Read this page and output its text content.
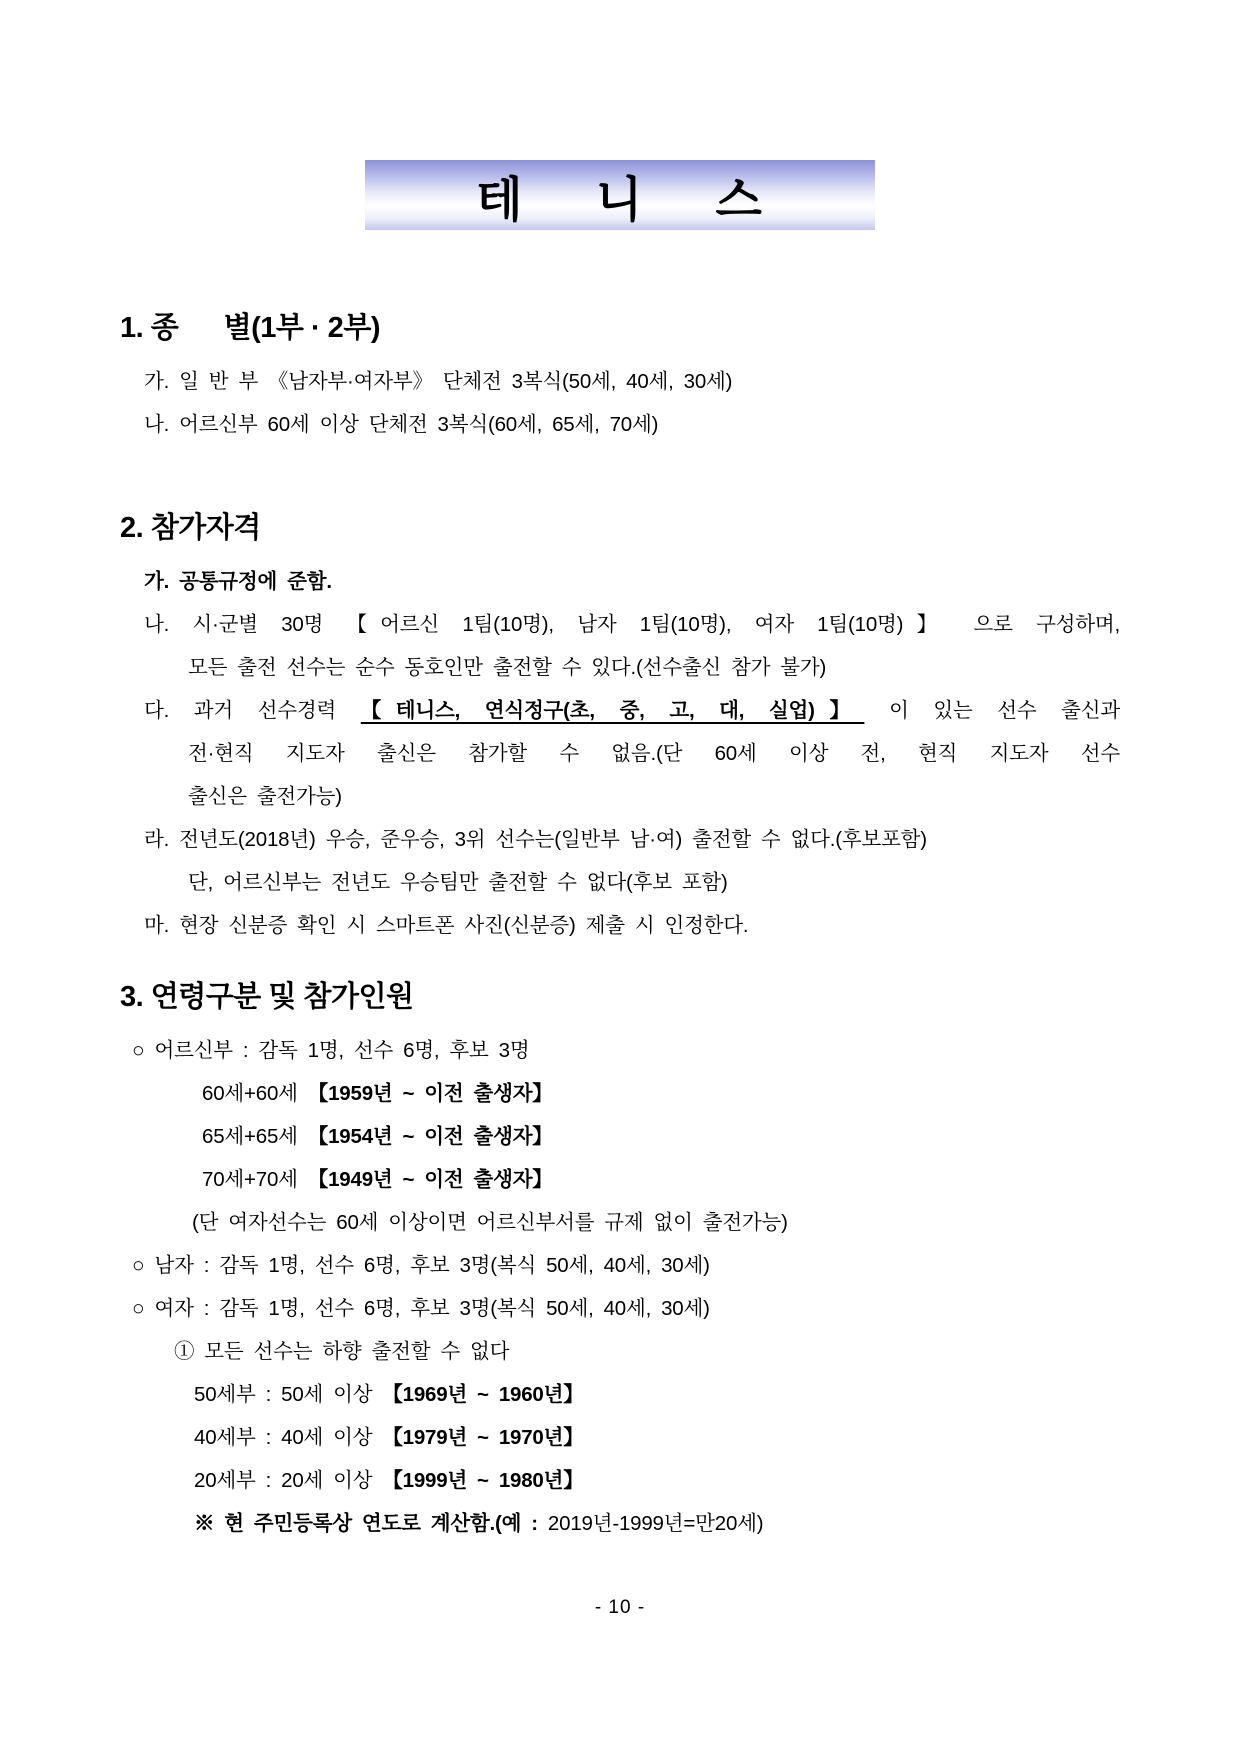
테 니 스
1. 종      별(1부 · 2부)
가. 일 반 부 《남자부·여자부》 단체전 3복식(50세, 40세, 30세)
나. 어르신부 60세 이상 단체전 3복식(60세, 65세, 70세)
2. 참가자격
가. 공통규정에 준함.
나. 시·군별 30명 【어르신 1팀(10명), 남자 1팀(10명), 여자 1팀(10명)】 으로 구성하며,
모든 출전 선수는 순수 동호인만 출전할 수 있다.(선수출신 참가 불가)
다. 과거 선수경력 【테니스, 연식정구(초, 중, 고, 대, 실업)】 이 있는 선수 출신과
전·현직 지도자 출신은 참가할 수 없음.(단 60세 이상 전, 현직 지도자 선수
출신은 출전가능)
라. 전년도(2018년) 우승, 준우승, 3위 선수는(일반부 남·여) 출전할 수 없다.(후보포함)
단, 어르신부는 전년도 우승팀만 출전할 수 없다(후보 포함)
마. 현장 신분증 확인 시 스마트폰 사진(신분증) 제출 시 인정한다.
3. 연령구분 및 참가인원
○ 어르신부 : 감독 1명, 선수 6명, 후보 3명
60세+60세 【1959년 ~ 이전 출생자】
65세+65세 【1954년 ~ 이전 출생자】
70세+70세 【1949년 ~ 이전 출생자】
(단 여자선수는 60세 이상이면 어르신부서를 규제 없이 출전가능)
○ 남자 : 감독 1명, 선수 6명, 후보 3명(복식 50세, 40세, 30세)
○ 여자 : 감독 1명, 선수 6명, 후보 3명(복식 50세, 40세, 30세)
① 모든 선수는 하향 출전할 수 없다
50세부 : 50세 이상 【1969년 ~ 1960년】
40세부 : 40세 이상 【1979년 ~ 1970년】
20세부 : 20세 이상 【1999년 ~ 1980년】
※ 현 주민등록상 연도로 계산함.(예 : 2019년-1999년=만20세)
- 10 -
